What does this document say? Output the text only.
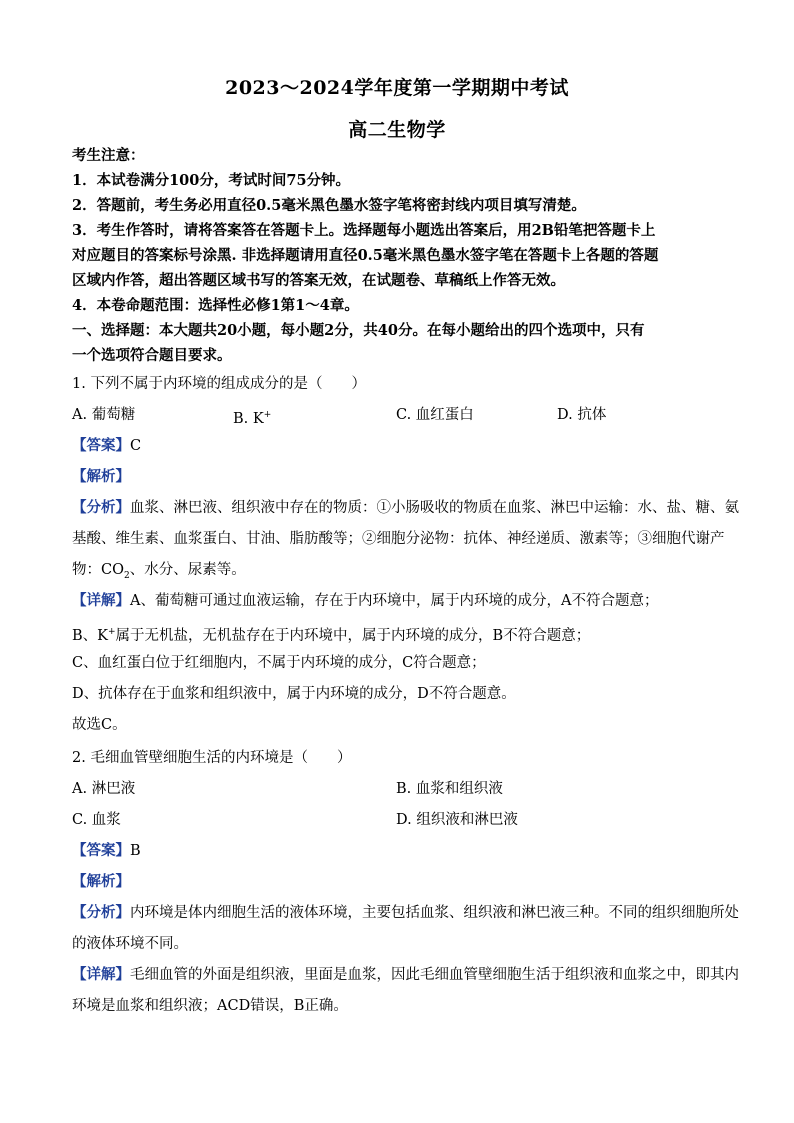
2023～2024学年度第一学期期中考试
高二生物学
考生注意：
1．本试卷满分100分，考试时间75分钟。
2．答题前，考生务必用直径0.5毫米黑色墨水签字笔将密封线内项目填写清楚。
3．考生作答时，请将答案答在答题卡上。选择题每小题选出答案后，用2B铅笔把答题卡上
对应题目的答案标号涂黑. 非选择题请用直径0.5毫米黑色墨水签字笔在答题卡上各题的答题
区域内作答，超出答题区域书写的答案无效，在试题卷、草稿纸上作答无效。
4．本卷命题范围：选择性必修1第1～4章。
一、选择题：本大题共20小题，每小题2分，共40分。在每小题给出的四个选项中，只有
一个选项符合题目要求。
1. 下列不属于内环境的组成成分的是（　　）
A. 葡萄糖	B. K+	C. 血红蛋白	D. 抗体
【答案】C
【解析】
【分析】血浆、淋巴液、组织液中存在的物质：①小肠吸收的物质在血浆、淋巴中运输：水、盐、糖、氨
基酸、维生素、血浆蛋白、甘油、脂肪酸等；②细胞分泌物：抗体、神经递质、激素等；③细胞代谢产
物：$CO_2$、水分、尿素等。
【详解】A、葡萄糖可通过血液运输，存在于内环境中，属于内环境的成分，A不符合题意；
B、K+属于无机盐，无机盐存在于内环境中，属于内环境的成分，B不符合题意；
C、血红蛋白位于红细胞内，不属于内环境的成分，C符合题意；
D、抗体存在于血浆和组织液中，属于内环境的成分，D不符合题意。
故选C。
2. 毛细血管壁细胞生活的内环境是（　　）
A. 淋巴液	B. 血浆和组织液
C. 血浆	D. 组织液和淋巴液
【答案】B
【解析】
【分析】内环境是体内细胞生活的液体环境，主要包括血浆、组织液和淋巴液三种。不同的组织细胞所处
的液体环境不同。
【详解】毛细血管的外面是组织液，里面是血浆，因此毛细血管壁细胞生活于组织液和血浆之中，即其内
环境是血浆和组织液；ACD错误，B正确。
